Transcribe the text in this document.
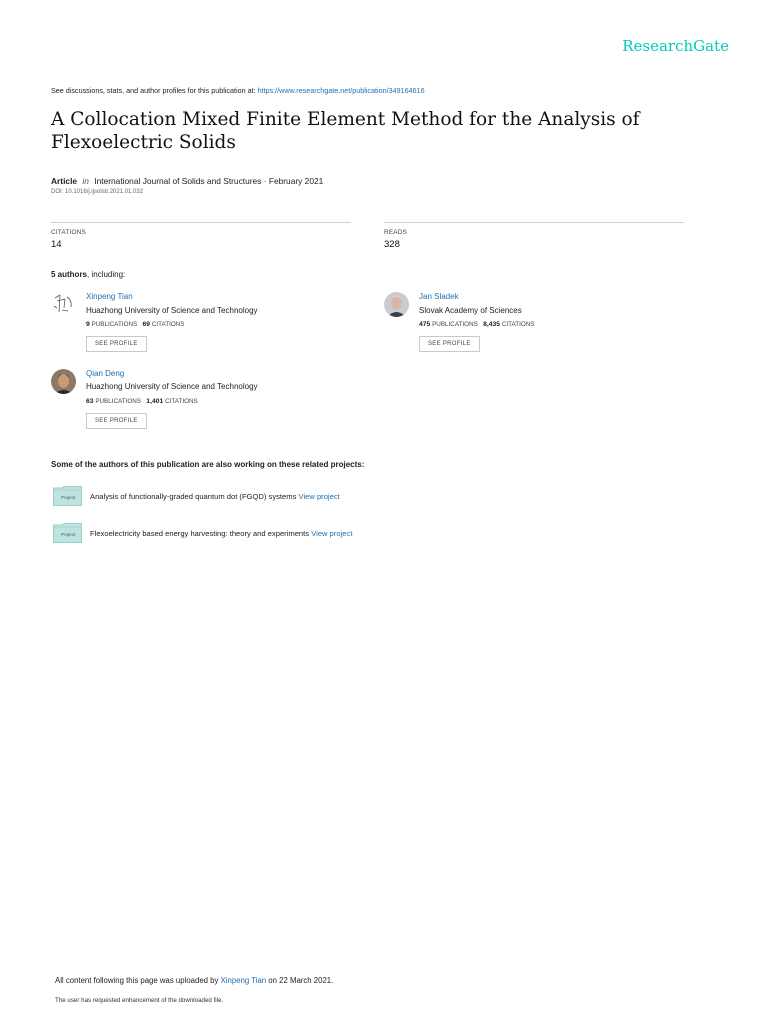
ResearchGate
See discussions, stats, and author profiles for this publication at: https://www.researchgate.net/publication/349164616
A Collocation Mixed Finite Element Method for the Analysis of Flexoelectric Solids
Article in International Journal of Solids and Structures · February 2021
DOI: 10.1016/j.ijsolstr.2021.01.032
CITATIONS
14
READS
328
5 authors, including:
Xinpeng Tian
Huazhong University of Science and Technology
9 PUBLICATIONS 69 CITATIONS
SEE PROFILE
Jan Sladek
Slovak Academy of Sciences
475 PUBLICATIONS 8,435 CITATIONS
SEE PROFILE
Qian Deng
Huazhong University of Science and Technology
63 PUBLICATIONS 1,401 CITATIONS
SEE PROFILE
Some of the authors of this publication are also working on these related projects:
Project Analysis of functionally-graded quantum dot (FGQD) systems View project
Project Flexoelectricity based energy harvesting: theory and experiments View project
All content following this page was uploaded by Xinpeng Tian on 22 March 2021.
The user has requested enhancement of the downloaded file.
